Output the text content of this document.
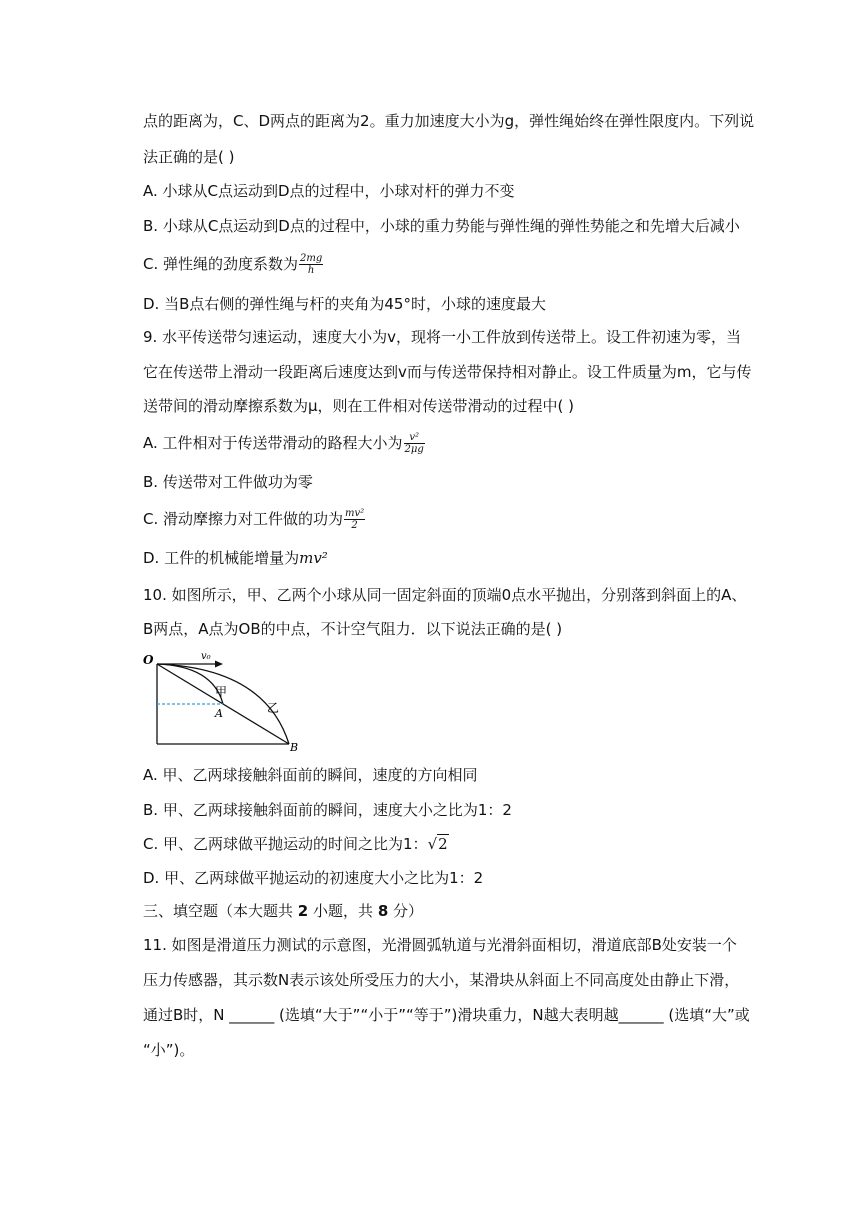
点的距离为，C、D两点的距离为2。重力加速度大小为g，弹性绳始终在弹性限度内。下列说
法正确的是( )
A. 小球从C点运动到D点的过程中，小球对杆的弹力不变
B. 小球从C点运动到D点的过程中，小球的重力势能与弹性绳的弹性势能之和先增大后减小
C. 弹性绳的劲度系数为 $\frac{2mg}{h}$
D. 当B点右侧的弹性绳与杆的夹角为45°时，小球的速度最大
9. 水平传送带匀速运动，速度大小为v，现将一小工件放到传送带上。设工件初速为零，当
它在传送带上滑动一段距离后速度达到v而与传送带保持相对静止。设工件质量为m，它与传
送带间的滑动摩擦系数为μ，则在工件相对传送带滑动的过程中( )
A. 工件相对于传送带滑动的路程大小为 $\frac{\text{v²}}{2\mu g}$
B. 传送带对工件做功为零
C. 滑动摩擦力对工件做的功为 $\frac{\text{mv²}}{2}$
D. 工件的机械能增量为mv²
10. 如图所示，甲、乙两个小球从同一固定斜面的顶端0点水平抛出，分别落到斜面上的A、
B两点，A点为OB的中点，不计空气阻力．以下说法正确的是( )
O	v₀
甲
乙
A
B
A. 甲、乙两球接触斜面前的瞬间，速度的方向相同
B. 甲、乙两球接触斜面前的瞬间，速度大小之比为1：2
C. 甲、乙两球做平抛运动的时间之比为1：√2
D. 甲、乙两球做平抛运动的初速度大小之比为1：2
三、填空题（本大题共 2 小题，共 8 分）
11. 如图是滑道压力测试的示意图，光滑圆弧轨道与光滑斜面相切，滑道底部B处安装一个
压力传感器，其示数N表示该处所受压力的大小，某滑块从斜面上不同高度处由静止下滑，
通过B时，N ______ (选填“大于”“小于”“等于”)滑块重力，N越大表明越______ (选填“大”或
“小”)。
